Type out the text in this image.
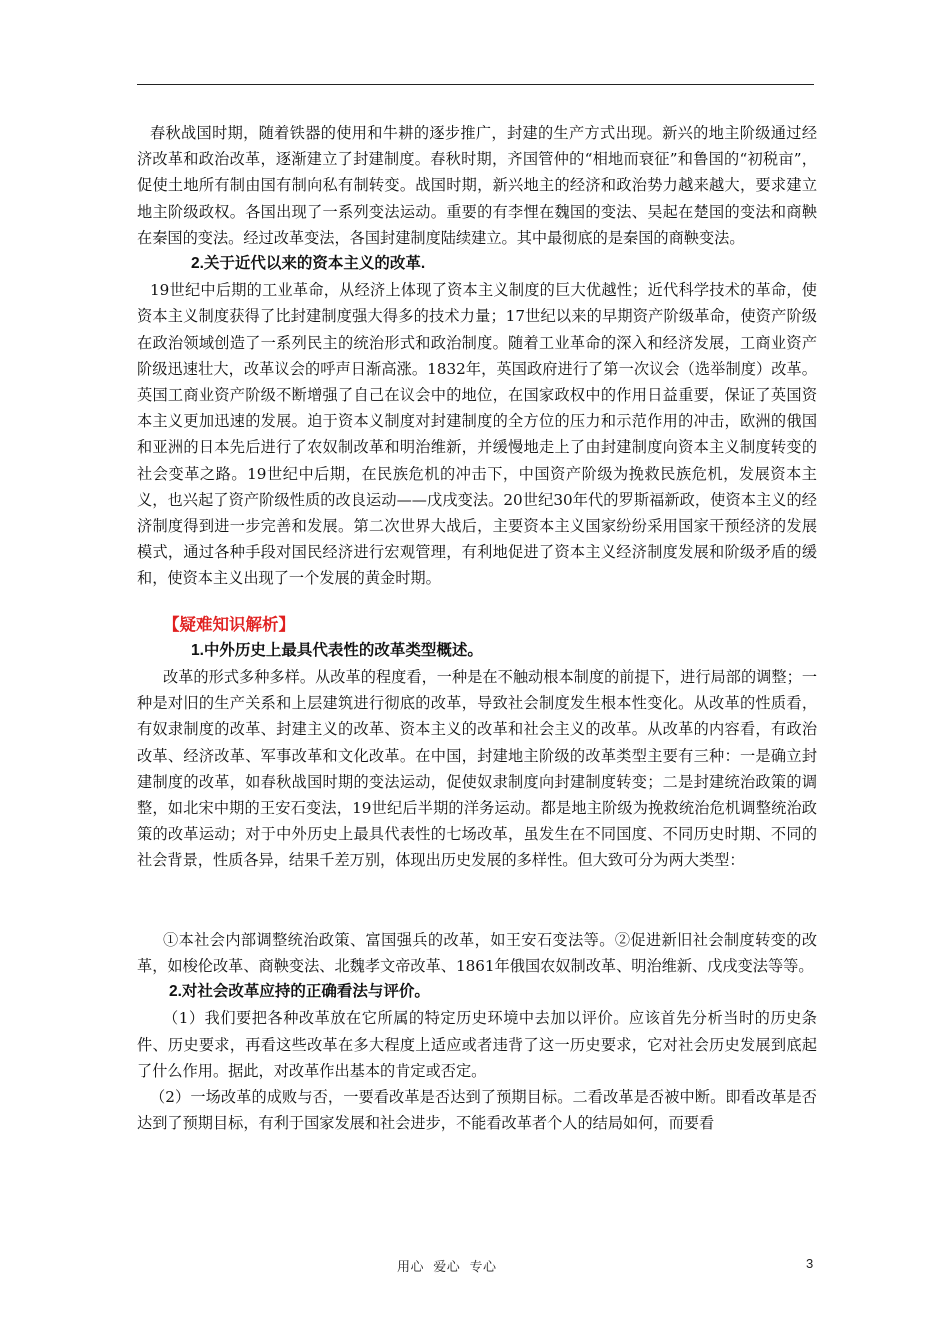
春秋战国时期，随着铁器的使用和牛耕的逐步推广，封建的生产方式出现。新兴的地主阶级通过经济改革和政治改革，逐渐建立了封建制度。春秋时期，齐国管仲的“相地而衰征”和鲁国的“初税亩”，促使土地所有制由国有制向私有制转变。战国时期，新兴地主的经济和政治势力越来越大，要求建立地主阶级政权。各国出现了一系列变法运动。重要的有李悝在魏国的变法、吴起在楚国的变法和商鞅在秦国的变法。经过改革变法，各国封建制度陆续建立。其中最彻底的是秦国的商鞅变法。

2.关于近代以来的资本主义的改革.

19世纪中后期的工业革命，从经济上体现了资本主义制度的巨大优越性；近代科学技术的革命，使资本主义制度获得了比封建制度强大得多的技术力量；17世纪以来的早期资产阶级革命，使资产阶级在政治领域创造了一系列民主的统治形式和政治制度。随着工业革命的深入和经济发展，工商业资产阶级迅速壮大，改革议会的呼声日渐高涨。1832年，英国政府进行了第一次议会（选举制度）改革。英国工商业资产阶级不断增强了自己在议会中的地位，在国家政权中的作用日益重要，保证了英国资本主义更加迅速的发展。迫于资本义制度对封建制度的全方位的压力和示范作用的冲击，欧洲的俄国和亚洲的日本先后进行了农奴制改革和明治维新，并缓慢地走上了由封建制度向资本主义制度转变的社会变革之路。19世纪中后期，在民族危机的冲击下，中国资产阶级为挽救民族危机，发展资本主义，也兴起了资产阶级性质的改良运动——戊戌变法。20世纪30年代的罗斯福新政，使资本主义的经济制度得到进一步完善和发展。第二次世界大战后，主要资本主义国家纷纷采用国家干预经济的发展模式，通过各种手段对国民经济进行宏观管理，有利地促进了资本主义经济制度发展和阶级矛盾的缓和，使资本主义出现了一个发展的黄金时期。

【疑难知识解析】

1.中外历史上最具代表性的改革类型概述。

改革的形式多种多样。从改革的程度看，一种是在不触动根本制度的前提下，进行局部的调整；一种是对旧的生产关系和上层建筑进行彻底的改革，导致社会制度发生根本性变化。从改革的性质看，有奴隶制度的改革、封建主义的改革、资本主义的改革和社会主义的改革。从改革的内容看，有政治改革、经济改革、军事改革和文化改革。在中国，封建地主阶级的改革类型主要有三种：一是确立封建制度的改革，如春秋战国时期的变法运动，促使奴隶制度向封建制度转变；二是封建统治政策的调整，如北宋中期的王安石变法，19世纪后半期的洋务运动。都是地主阶级为挽救统治危机调整统治政策的改革运动；对于中外历史上最具代表性的七场改革，虽发生在不同国度、不同历史时期、不同的社会背景，性质各异，结果千差万别，体现出历史发展的多样性。但大致可分为两大类型：

①本社会内部调整统治政策、富国强兵的改革，如王安石变法等。②促进新旧社会制度转变的改革，如梭伦改革、商鞅变法、北魏孝文帝改革、1861年俄国农奴制改革、明治维新、戊戌变法等等。

2.对社会改革应持的正确看法与评价。

（1）我们要把各种改革放在它所属的特定历史环境中去加以评价。应该首先分析当时的历史条件、历史要求，再看这些改革在多大程度上适应或者违背了这一历史要求，它对社会历史发展到底起了什么作用。据此，对改革作出基本的肯定或否定。

（2）一场改革的成败与否，一要看改革是否达到了预期目标。二看改革是否被中断。即看改革是否达到了预期目标，有利于国家发展和社会进步，不能看改革者个人的结局如何，而要看

用心  爱心  专心	3
